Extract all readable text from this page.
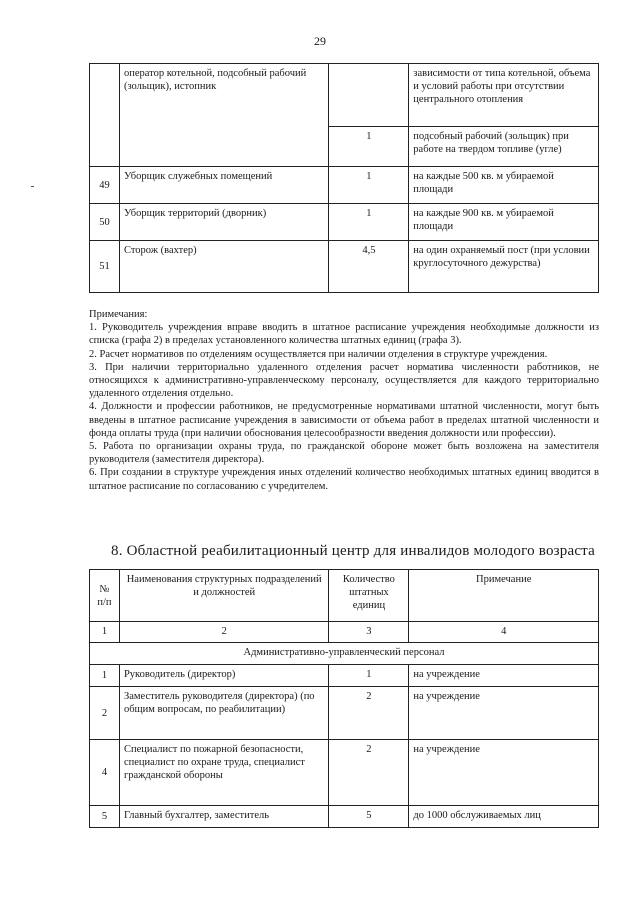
29
	оператор котельной, подсобный рабочий (зольщик), истопник		зависимости от типа котельной, объема и условий работы при отсутствии центрального отопления
		1	подсобный рабочий (зольщик) при работе на твердом топливе (угле)
49	Уборщик служебных помещений	1	на каждые 500 кв. м убираемой площади
50	Уборщик территорий (дворник)	1	на каждые 900 кв. м убираемой площади
51	Сторож (вахтер)	4,5	на один охраняемый пост (при условии круглосуточного дежурства)

Примечания:

1. Руководитель учреждения вправе вводить в штатное расписание учреждения необходимые должности из списка (графа 2) в пределах установленного количества штатных единиц (графа 3).

2. Расчет нормативов по отделениям осуществляется при наличии отделения в структуре учреждения.

3. При наличии территориально удаленного отделения расчет норматива численности работников, не относящихся к административно-управленческому персоналу, осуществляется для каждого территориально удаленного отделения отдельно.

4. Должности и профессии работников, не предусмотренные нормативами штатной численности, могут быть введены в штатное расписание учреждения в зависимости от объема работ в пределах штатной численности и фонда оплаты труда (при наличии обоснования целесообразности введения должности или профессии).

5. Работа по организации охраны труда, по гражданской обороне может быть возложена на заместителя руководителя (заместителя директора).

6. При создании в структуре учреждения иных отделений количество необходимых штатных единиц вводится в штатное расписание по согласованию с учредителем.

8. Областной реабилитационный центр для инвалидов молодого возраста
№ п/п	Наименования структурных подразделений и должностей	Количество штатных единиц	Примечание
1	2	3	4
Административно-управленческий персонал			
1	Руководитель (директор)	1	на учреждение
2	Заместитель руководителя (директора) (по общим вопросам, по реабилитации)	2	на учреждение
4	Специалист по пожарной безопасности, специалист по охране труда, специалист гражданской обороны	2	на учреждение
5	Главный бухгалтер, заместитель	5	до 1000 обслуживаемых лиц
